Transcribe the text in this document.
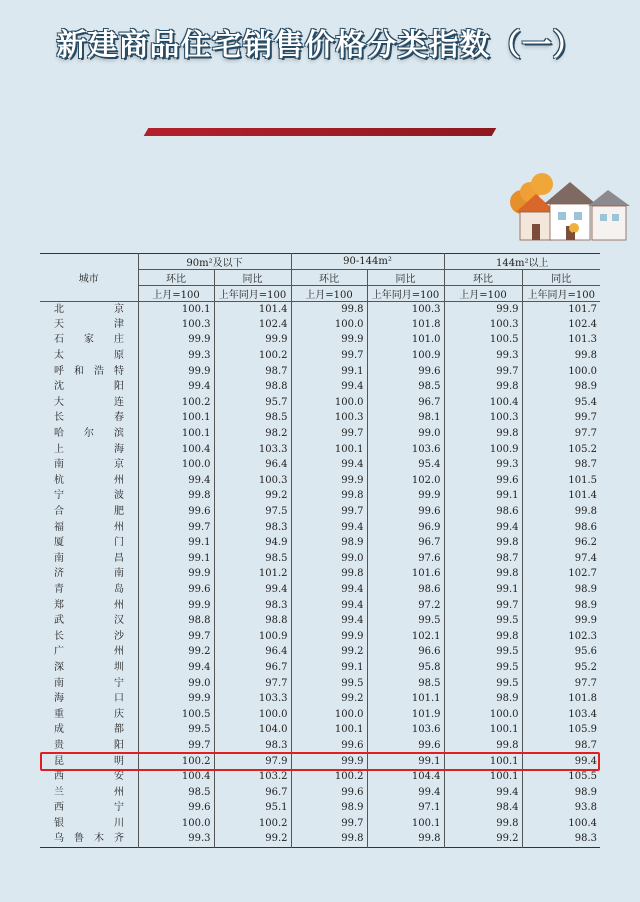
新建商品住宅销售价格分类指数（一）
城市	90m²及以下		90-144m²		144m²以上	
	环比	同比	环比	同比	环比	同比
	上月=100	上年同月=100	上月=100	上年同月=100	上月=100	上年同月=100

北京	100.1	101.4	99.8	100.3	99.9	101.7

天津	100.3	102.4	100.0	101.8	100.3	102.4

石家庄	99.9	99.9	99.9	101.0	100.5	101.3

太原	99.3	100.2	99.7	100.9	99.3	99.8

呼和浩特	99.9	98.7	99.1	99.6	99.7	100.0

沈阳	99.4	98.8	99.4	98.5	99.8	98.9

大连	100.2	95.7	100.0	96.7	100.4	95.4

长春	100.1	98.5	100.3	98.1	100.3	99.7

哈尔滨	100.1	98.2	99.7	99.0	99.8	97.7

上海	100.4	103.3	100.1	103.6	100.9	105.2

南京	100.0	96.4	99.4	95.4	99.3	98.7

杭州	99.4	100.3	99.9	102.0	99.6	101.5

宁波	99.8	99.2	99.8	99.9	99.1	101.4

合肥	99.6	97.5	99.7	99.6	98.6	99.8

福州	99.7	98.3	99.4	96.9	99.4	98.6

厦门	99.1	94.9	98.9	96.7	99.8	96.2

南昌	99.1	98.5	99.0	97.6	98.7	97.4

济南	99.9	101.2	99.8	101.6	99.8	102.7

青岛	99.6	99.4	99.4	98.6	99.1	98.9

郑州	99.9	98.3	99.4	97.2	99.7	98.9

武汉	98.8	98.8	99.4	99.5	99.5	99.9

长沙	99.7	100.9	99.9	102.1	99.8	102.3

广州	99.2	96.4	99.2	96.6	99.5	95.6

深圳	99.4	96.7	99.1	95.8	99.5	95.2

南宁	99.0	97.7	99.5	98.5	99.5	97.7

海口	99.9	103.3	99.2	101.1	98.9	101.8

重庆	100.5	100.0	100.0	101.9	100.0	103.4

成都	99.5	104.0	100.1	103.6	100.1	105.9

贵阳	99.7	98.3	99.6	99.6	99.8	98.7

昆明	100.2	97.9	99.9	99.1	100.1	99.4

西安	100.4	103.2	100.2	104.4	100.1	105.5

兰州	98.5	96.7	99.6	99.4	99.4	98.9

西宁	99.6	95.1	98.9	97.1	98.4	93.8

银川	100.0	100.2	99.7	100.1	99.8	100.4

乌鲁木齐	99.3	99.2	99.8	99.8	99.2	98.3
